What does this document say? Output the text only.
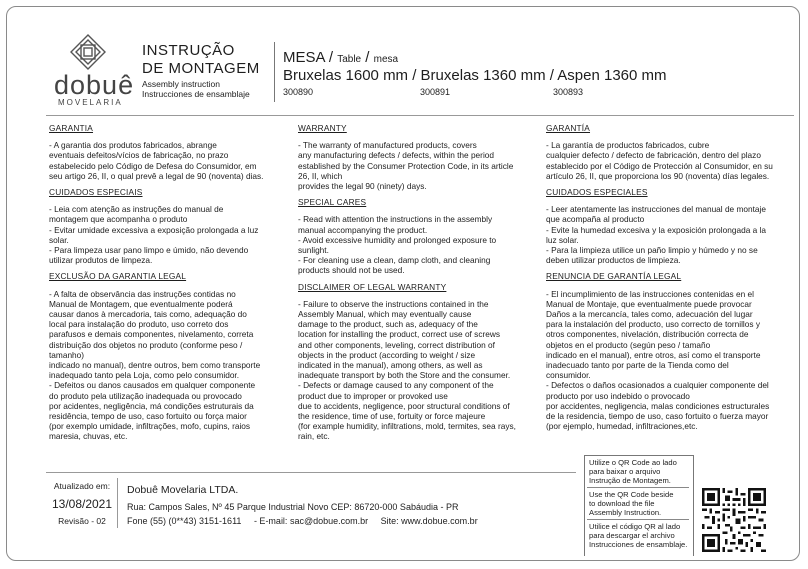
dobuê
MOVELARIA
INSTRUÇÃO
DE MONTAGEM
Assembly instruction
Instrucciones de ensamblaje
MESA / Table / mesa
Bruxelas 1600 mm / Bruxelas 1360 mm / Aspen 1360 mm
300890	300891	300893
GARANTIA
- A garantia dos produtos fabricados, abrange
eventuais defeitos/vícios de fabricação, no prazo
estabelecido pelo Código de Defesa do Consumidor, em
seu artigo 26, II, o qual prevê a legal de 90 (noventa) dias.
CUIDADOS ESPECIAIS
- Leia com atenção as instruções do manual de
montagem que acompanha o produto
- Evitar umidade excessiva a exposição prolongada a luz
solar.
- Para limpeza usar pano limpo e úmido, não devendo
utilizar produtos de limpeza.
EXCLUSÃO DA GARANTIA LEGAL
- A falta de observância das instruções contidas no
Manual de Montagem, que eventualmente poderá
causar danos à mercadoria, tais como, adequação do
local para instalação do produto, uso correto dos
parafusos e demais componentes, nivelamento, correta
distribuição dos objetos no produto (conforme peso /
tamanho)
indicado no manual), dentre outros, bem como transporte
inadequado tanto pela Loja, como pelo consumidor.
- Defeitos ou danos causados em qualquer componente
do produto pela utilização inadequada ou provocado
por acidentes, negligência, má condições estruturais da
residência, tempo de uso, caso fortuito ou força maior
(por exemplo umidade, infiltrações, mofo, cupins, raios
maresia, chuvas, etc.
WARRANTY
- The warranty of manufactured products, covers
any manufacturing defects / defects, within the period
established by the Consumer Protection Code, in its article
26, II, which
provides the legal 90 (ninety) days.
SPECIAL CARES
- Read with attention the instructions in the assembly
manual accompanying the product.
- Avoid excessive humidity and prolonged exposure to
sunlight.
- For cleaning use a clean, damp cloth, and cleaning
products should not be used.
DISCLAIMER OF LEGAL WARRANTY
- Failure to observe the instructions contained in the
Assembly Manual, which may eventually cause
damage to the product, such as, adequacy of the
location for installing the product, correct use of screws
and other components, leveling, correct distribution of
objects in the product (according to weight / size
indicated in the manual), among others, as well as
inadequate transport by both the Store and the consumer.
- Defects or damage caused to any component of the
product due to improper or provoked use
due to accidents, negligence, poor structural conditions of
the residence, time of use, fortuity or force majeure
(for example humidity, infiltrations, mold, termites, sea rays,
rain, etc.
GARANTÍA
- La garantía de productos fabricados, cubre
cualquier defecto / defecto de fabricación, dentro del plazo
establecido por el Código de Protección al Consumidor, en su
artículo 26, II, que proporciona los 90 (noventa) días legales.
CUIDADOS ESPECIALES
- Leer atentamente las instrucciones del manual de montaje
que acompaña al producto
- Evite la humedad excesiva y la exposición prolongada a la
luz solar.
- Para la limpieza utilice un paño limpio y húmedo y no se
deben utilizar productos de limpieza.
RENUNCIA DE GARANTÍA LEGAL
- El incumplimiento de las instrucciones contenidas en el
Manual de Montaje, que eventualmente puede provocar
Daños a la mercancía, tales como, adecuación del lugar
para la instalación del producto, uso correcto de tornillos y
otros componentes, nivelación, distribución correcta de
objetos en el producto (según peso / tamaño
indicado en el manual), entre otros, así como el transporte
inadecuado tanto por parte de la Tienda como del
consumidor.
- Defectos o daños ocasionados a cualquier componente del
producto por uso indebido o provocado
por accidentes, negligencia, malas condiciones estructurales
de la residencia, tiempo de uso, caso fortuito o fuerza mayor
(por ejemplo, humedad, infiltraciones,etc.
Atualizado em:
13/08/2021
Revisão - 02
Dobuê Movelaria LTDA.
Rua: Campos Sales, Nº 45 Parque Industrial Novo CEP: 86720-000 Sabáudia - PR
Fone (55) (0**43) 3151-1611 - E-mail: sac@dobue.com.br Site: www.dobue.com.br
Utilize o QR Code ao lado
para baixar o arquivo
Instrução de Montagem.
Use the QR Code beside
to download the file
Assembly Instruction.
Utilice el código QR al lado
para descargar el archivo
Instrucciones de ensamblaje.
